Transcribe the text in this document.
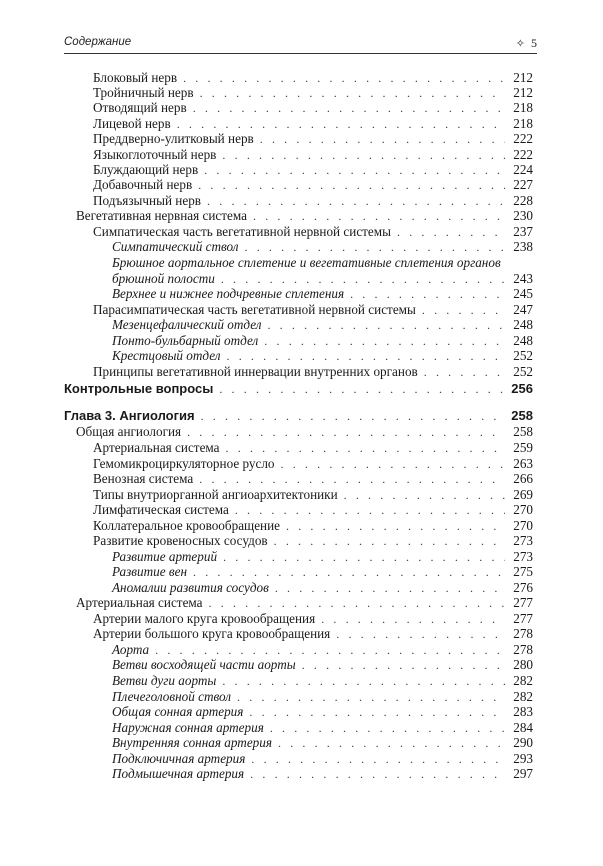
Содержание	✧ 5
Блоковый нерв . . .	212
Тройничный нерв . . .	212
Отводящий нерв . . .	218
Лицевой нерв . . .	218
Преддверно-улитковый нерв . . .	222
Языкоглоточный нерв . . .	222
Блуждающий нерв . . .	224
Добавочный нерв . . .	227
Подъязычный нерв . . .	228
Вегетативная нервная система . . .	230
Симпатическая часть вегетативной нервной системы . . .	237
Симпатический ствол . . .	238
Брюшное аортальное сплетение и вегетативные сплетения органов
брюшной полости . . .	243
Верхнее и нижнее подчревные сплетения . . .	245
Парасимпатическая часть вегетативной нервной системы . . .	247
Мезенцефалический отдел . . .	248
Понто-бульбарный отдел . . .	248
Крестцовый отдел . . .	252
Принципы вегетативной иннервации внутренних органов . . .	252
Контрольные вопросы . . .	256
Глава 3. Ангиология . . .	258
Общая ангиология . . .	258
Артериальная система . . .	259
Гемомикроциркуляторное русло . . .	263
Венозная система . . .	266
Типы внутриорганной ангиоархитектоники . . .	269
Лимфатическая система . . .	270
Коллатеральное кровообращение . . .	270
Развитие кровеносных сосудов . . .	273
Развитие артерий . . .	273
Развитие вен . . .	275
Аномалии развития сосудов . . .	276
Артериальная система . . .	277
Артерии малого круга кровообращения . . .	277
Артерии большого круга кровообращения . . .	278
Аорта . . .	278
Ветви восходящей части аорты . . .	280
Ветви дуги аорты . . .	282
Плечеголовной ствол . . .	282
Общая сонная артерия . . .	283
Наружная сонная артерия . . .	284
Внутренняя сонная артерия . . .	290
Подключичная артерия . . .	293
Подмышечная артерия . . .	297
